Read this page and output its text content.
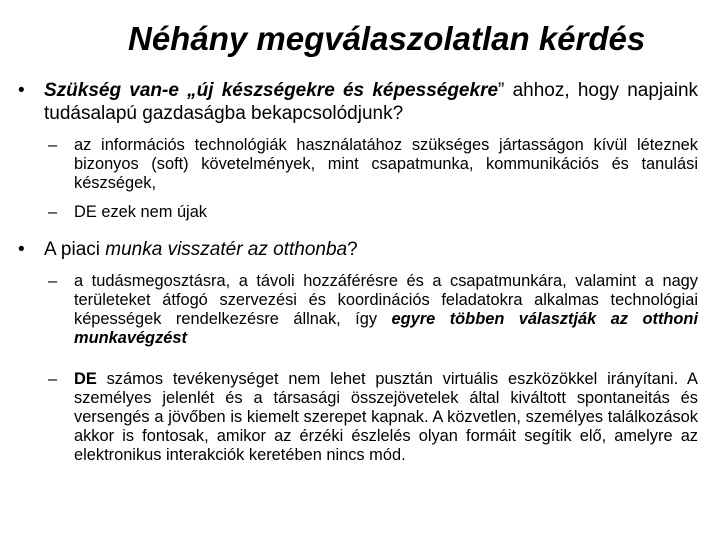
Néhány megválaszolatlan kérdés
•	Szükség van-e „új készségekre és képességekre” ahhoz, hogy napjaink tudásalapú gazdaságba bekapcsolódjunk?
– az információs technológiák használatához szükséges jártasságon kívül léteznek bizonyos (soft) követelmények, mint csapatmunka, kommunikációs és tanulási készségek,
– DE ezek nem újak
•	A piaci munka visszatér az otthonba?
– a tudásmegosztásra, a távoli hozzáférésre és a csapatmunkára, valamint a nagy területeket átfogó szervezési és koordinációs feladatokra alkalmas technológiai képességek rendelkezésre állnak, így egyre többen választják az otthoni munkavégzést
– DE számos tevékenységet nem lehet pusztán virtuális eszközökkel irányítani. A személyes jelenlét és a társasági összejövetelek által kiváltott spontaneitás és versengés a jövőben is kiemelt szerepet kapnak. A közvetlen, személyes találkozások akkor is fontosak, amikor az érzéki észlelés olyan formáit segítik elő, amelyre az elektronikus interakciók keretében nincs mód.
